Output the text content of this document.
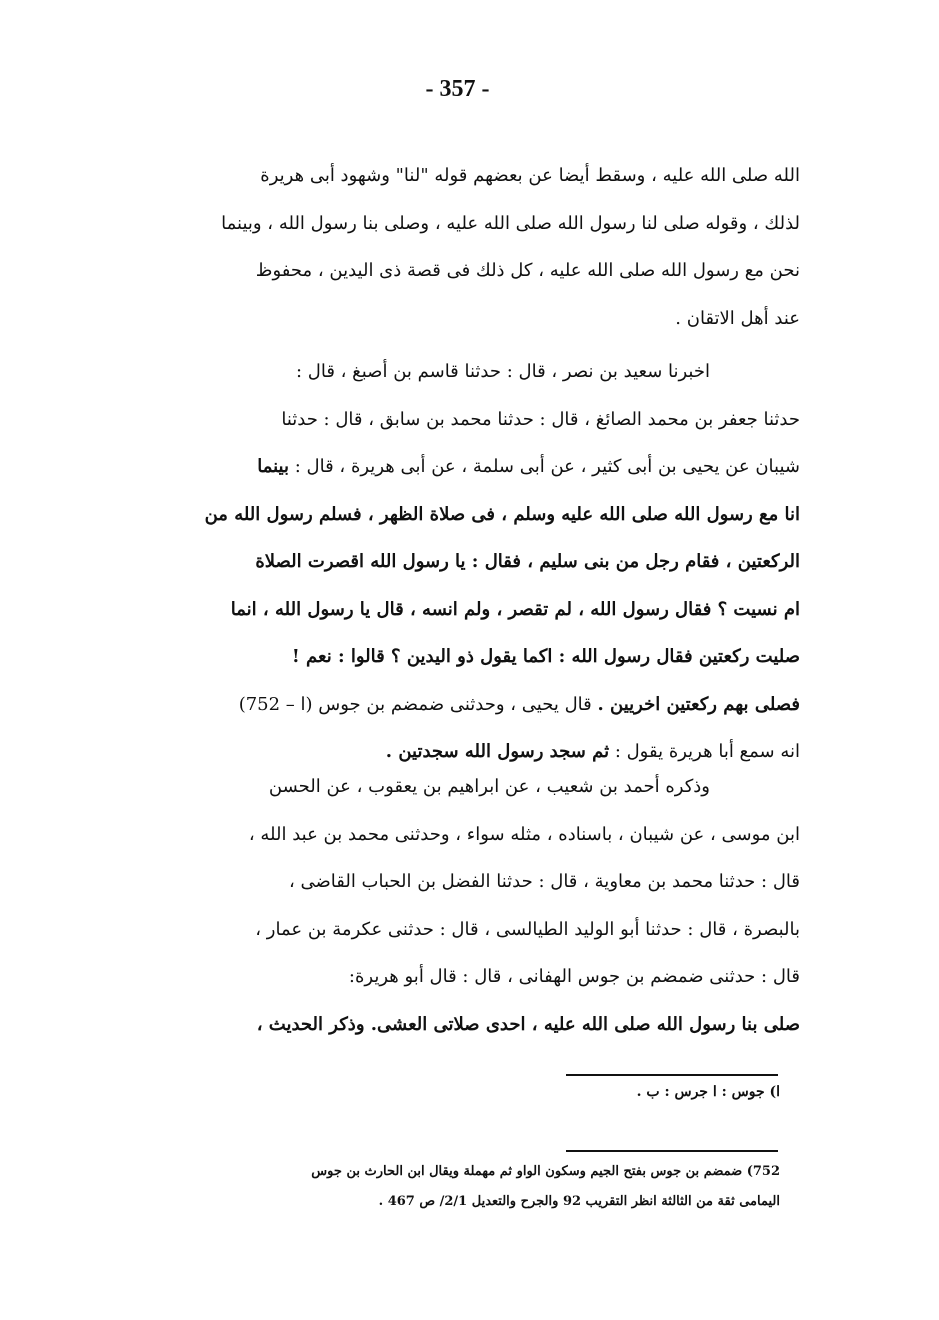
- 357 -
الله صلى الله عليه ، وسقط أيضا عن بعضهم قوله "لنا" وشهود أبى هريرة
لذلك ، وقوله صلى لنا رسول الله صلى الله عليه ، وصلى بنا رسول الله ، وبينما
نحن مع رسول الله صلى الله عليه ، كل ذلك فى قصة ذى اليدين ، محفوظ
عند أهل الاتقان .
اخبرنا سعيد بن نصر ، قال : حدثنا قاسم بن أصبغ ، قال :
حدثنا جعفر بن محمد الصائغ ، قال : حدثنا محمد بن سابق ، قال : حدثنا
شيبان عن يحيى بن أبى كثير ، عن أبى سلمة ، عن أبى هريرة ، قال : بينما
انا مع رسول الله صلى الله عليه وسلم ، فى صلاة الظهر ، فسلم رسول الله من
الركعتين ، فقام رجل من بنى سليم ، فقال : يا رسول الله اقصرت الصلاة
ام نسيت ؟ فقال رسول الله ، لم تقصر ، ولم انسه ، قال يا رسول الله ، انما
صليت ركعتين فقال رسول الله : اكما يقول ذو اليدين ؟ قالوا : نعم !
فصلى بهم ركعتين اخريين . قال يحيى ، وحدثنى ضمضم بن جوس (ا – 752)
انه سمع أبا هريرة يقول : ثم سجد رسول الله سجدتين .
وذكره أحمد بن شعيب ، عن ابراهيم بن يعقوب ، عن الحسن
ابن موسى ، عن شيبان ، باسناده ، مثله سواء ، وحدثنى محمد بن عبد الله ،
قال : حدثنا محمد بن معاوية ، قال : حدثنا الفضل بن الحباب القاضى ،
بالبصرة ، قال : حدثنا أبو الوليد الطيالسى ، قال : حدثنى عكرمة بن عمار ،
قال : حدثنى ضمضم بن جوس الهفانى ، قال : قال أبو هريرة:
صلى بنا رسول الله صلى الله عليه ، احدى صلاتى العشى. وذكر الحديث ،
ا) جوس : ا جرس : ب .
752) ضمضم بن جوس بفتح الجيم وسكون الواو ثم مهملة ويقال ابن الحارث بن جوس
اليمامى ثقة من الثالثة انظر التقريب 92 والجرح والتعديل 2/1/ ص 467 .
